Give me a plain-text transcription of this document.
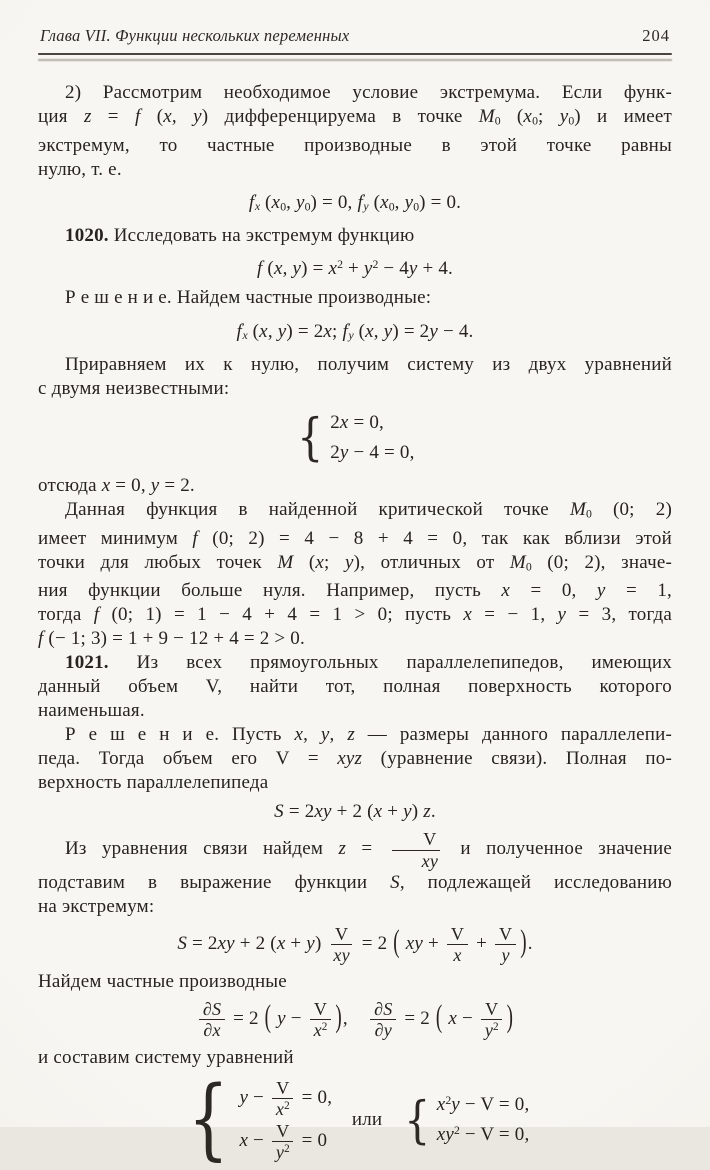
Глава VII. Функции нескольких переменных	204
2) Рассмотрим необходимое условие экстремума. Если функ-
ция z = f (x, y) дифференцируема в точке $M_0$ ($x_0$; $y_0$) и имеет
экстремум, то частные производные в этой точке равны
нулю, т. е.
$f'_x$ ($x_0$, $y_0) = 0$, $f'_y$ ($x_0$, $y_0) = 0$.
1020. Исследовать на экстремум функцию
f (x, $y) = x^2 + y^2 - 4y + 4$.
Р е ш е н и е. Найдем частные производные:
$f'_x$ (x, y) = 2x; $f'_y$ (x, y) = 2y − 4.
Приравняем их к нулю, получим систему из двух уравнений
с двумя неизвестными:
{ 2x = 0,
2y − 4 = 0,
отсюда x = 0, y = 2.
Данная функция в найденной критической точке $M_0$ (0; 2)
имеет минимум f (0; 2) = 4 − 8 + 4 = 0, так как вблизи этой
точки для любых точек M (x; y), отличных от $M_0$ (0; 2), значе-
ния функции больше нуля. Например, пусть x = 0, y = 1,
тогда f (0; 1) = 1 − 4 + 4 = 1 > 0; пусть x = − 1, y = 3, тогда
f (− 1; 3) = 1 + 9 − 12 + 4 = 2 > 0.
1021. Из всех прямоугольных параллелепипедов, имеющих
данный объем V, найти тот, полная поверхность которого
наименьшая.
Р е ш е н и е. Пусть x, y, z — размеры данного параллелепи-
педа. Тогда объем его V = xyz (уравнение связи). Полная по-
верхность параллелепипеда
S = 2xy + 2 (x + y) z.
Из уравнения связи найдем $z = \frac{V}{xy}$ и полученное значение
подставим в выражение функции S, подлежащей исследованию
на экстремум:
S = 2xy + 2 $(x + y) \frac{V}{xy} = 2$ ( xy + $\frac{V}{x} + \frac{V}{y}$ ).
Найдем частные производные
$\frac{\partial S}{\partial x} = 2$ ( $y - \frac{V}{x^2}$ ),  $\frac{\partial S}{\partial y} = 2$ ( $x - \frac{V}{y^2}$ )
и составим систему уравнений
{ $y - \frac{V}{x^2} = 0$,
$x - \frac{V}{y^2} = 0$
 или  { $x^2y - V = 0$,
$xy^2 - V = 0$,
